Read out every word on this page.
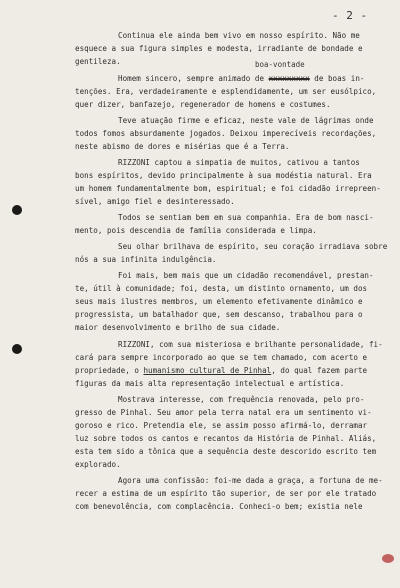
- 2 -
boa-vontade
Continua ele ainda bem vivo em nosso espírito. Não me
esquece a sua figura simples e modesta, irradiante de bondade e
gentileza.
Homem sincero, sempre animado de xxxxxxxxx de boas in-
tenções. Era, verdadeiramente e esplendidamente, um ser eusólpico,
quer dizer, banfazejo, regenerador de homens e costumes.
Teve atuação firme e eficaz, neste vale de lágrimas onde
todos fomos absurdamente jogados. Deixou imperecíveis recordações,
neste abismo de dores e misérias que é a Terra.
RIZZONI captou a simpatia de muitos, cativou a tantos
bons espíritos, devido principalmente à sua modéstia natural. Era
um homem fundamentalmente bom, espiritual; e foi cidadão irrepreen-
sível, amigo fiel e desinteressado.
Todos se sentiam bem em sua companhia. Era de bom nasci-
mento, pois descendia de família considerada e limpa.
Seu olhar brilhava de espírito, seu coração irradiava sobre
nós a sua infinita indulgência.
Foi mais, bem mais que um cidadão recomendável, prestan-
te, útil à comunidade; foi, desta, um distinto ornamento, um dos
seus mais ilustres membros, um elemento efetivamente dinâmico e
progressista, um batalhador que, sem descanso, trabalhou para o
maior desenvolvimento e brilho de sua cidade.
RIZZONI, com sua misteriosa e brilhante personalidade, fi-
cará para sempre incorporado ao que se tem chamado, com acerto e
propriedade, o humanismo cultural de Pinhal, do qual fazem parte
figuras da mais alta representação intelectual e artística.
Mostrava interesse, com frequência renovada, pelo pro-
gresso de Pinhal. Seu amor pela terra natal era um sentimento vi-
goroso e rico. Pretendia ele, se assim posso afirmá-lo, derramar
luz sobre todos os cantos e recantos da História de Pinhal. Aliás,
esta tem sido a tônica que a sequência deste descorido escrito tem
explorado.
Agora uma confissão: foi-me dada a graça, a fortuna de me-
recer a estima de um espírito tão superior, de ser por ele tratado
com benevolência, com complacência. Conheci-o bem; existia nele
